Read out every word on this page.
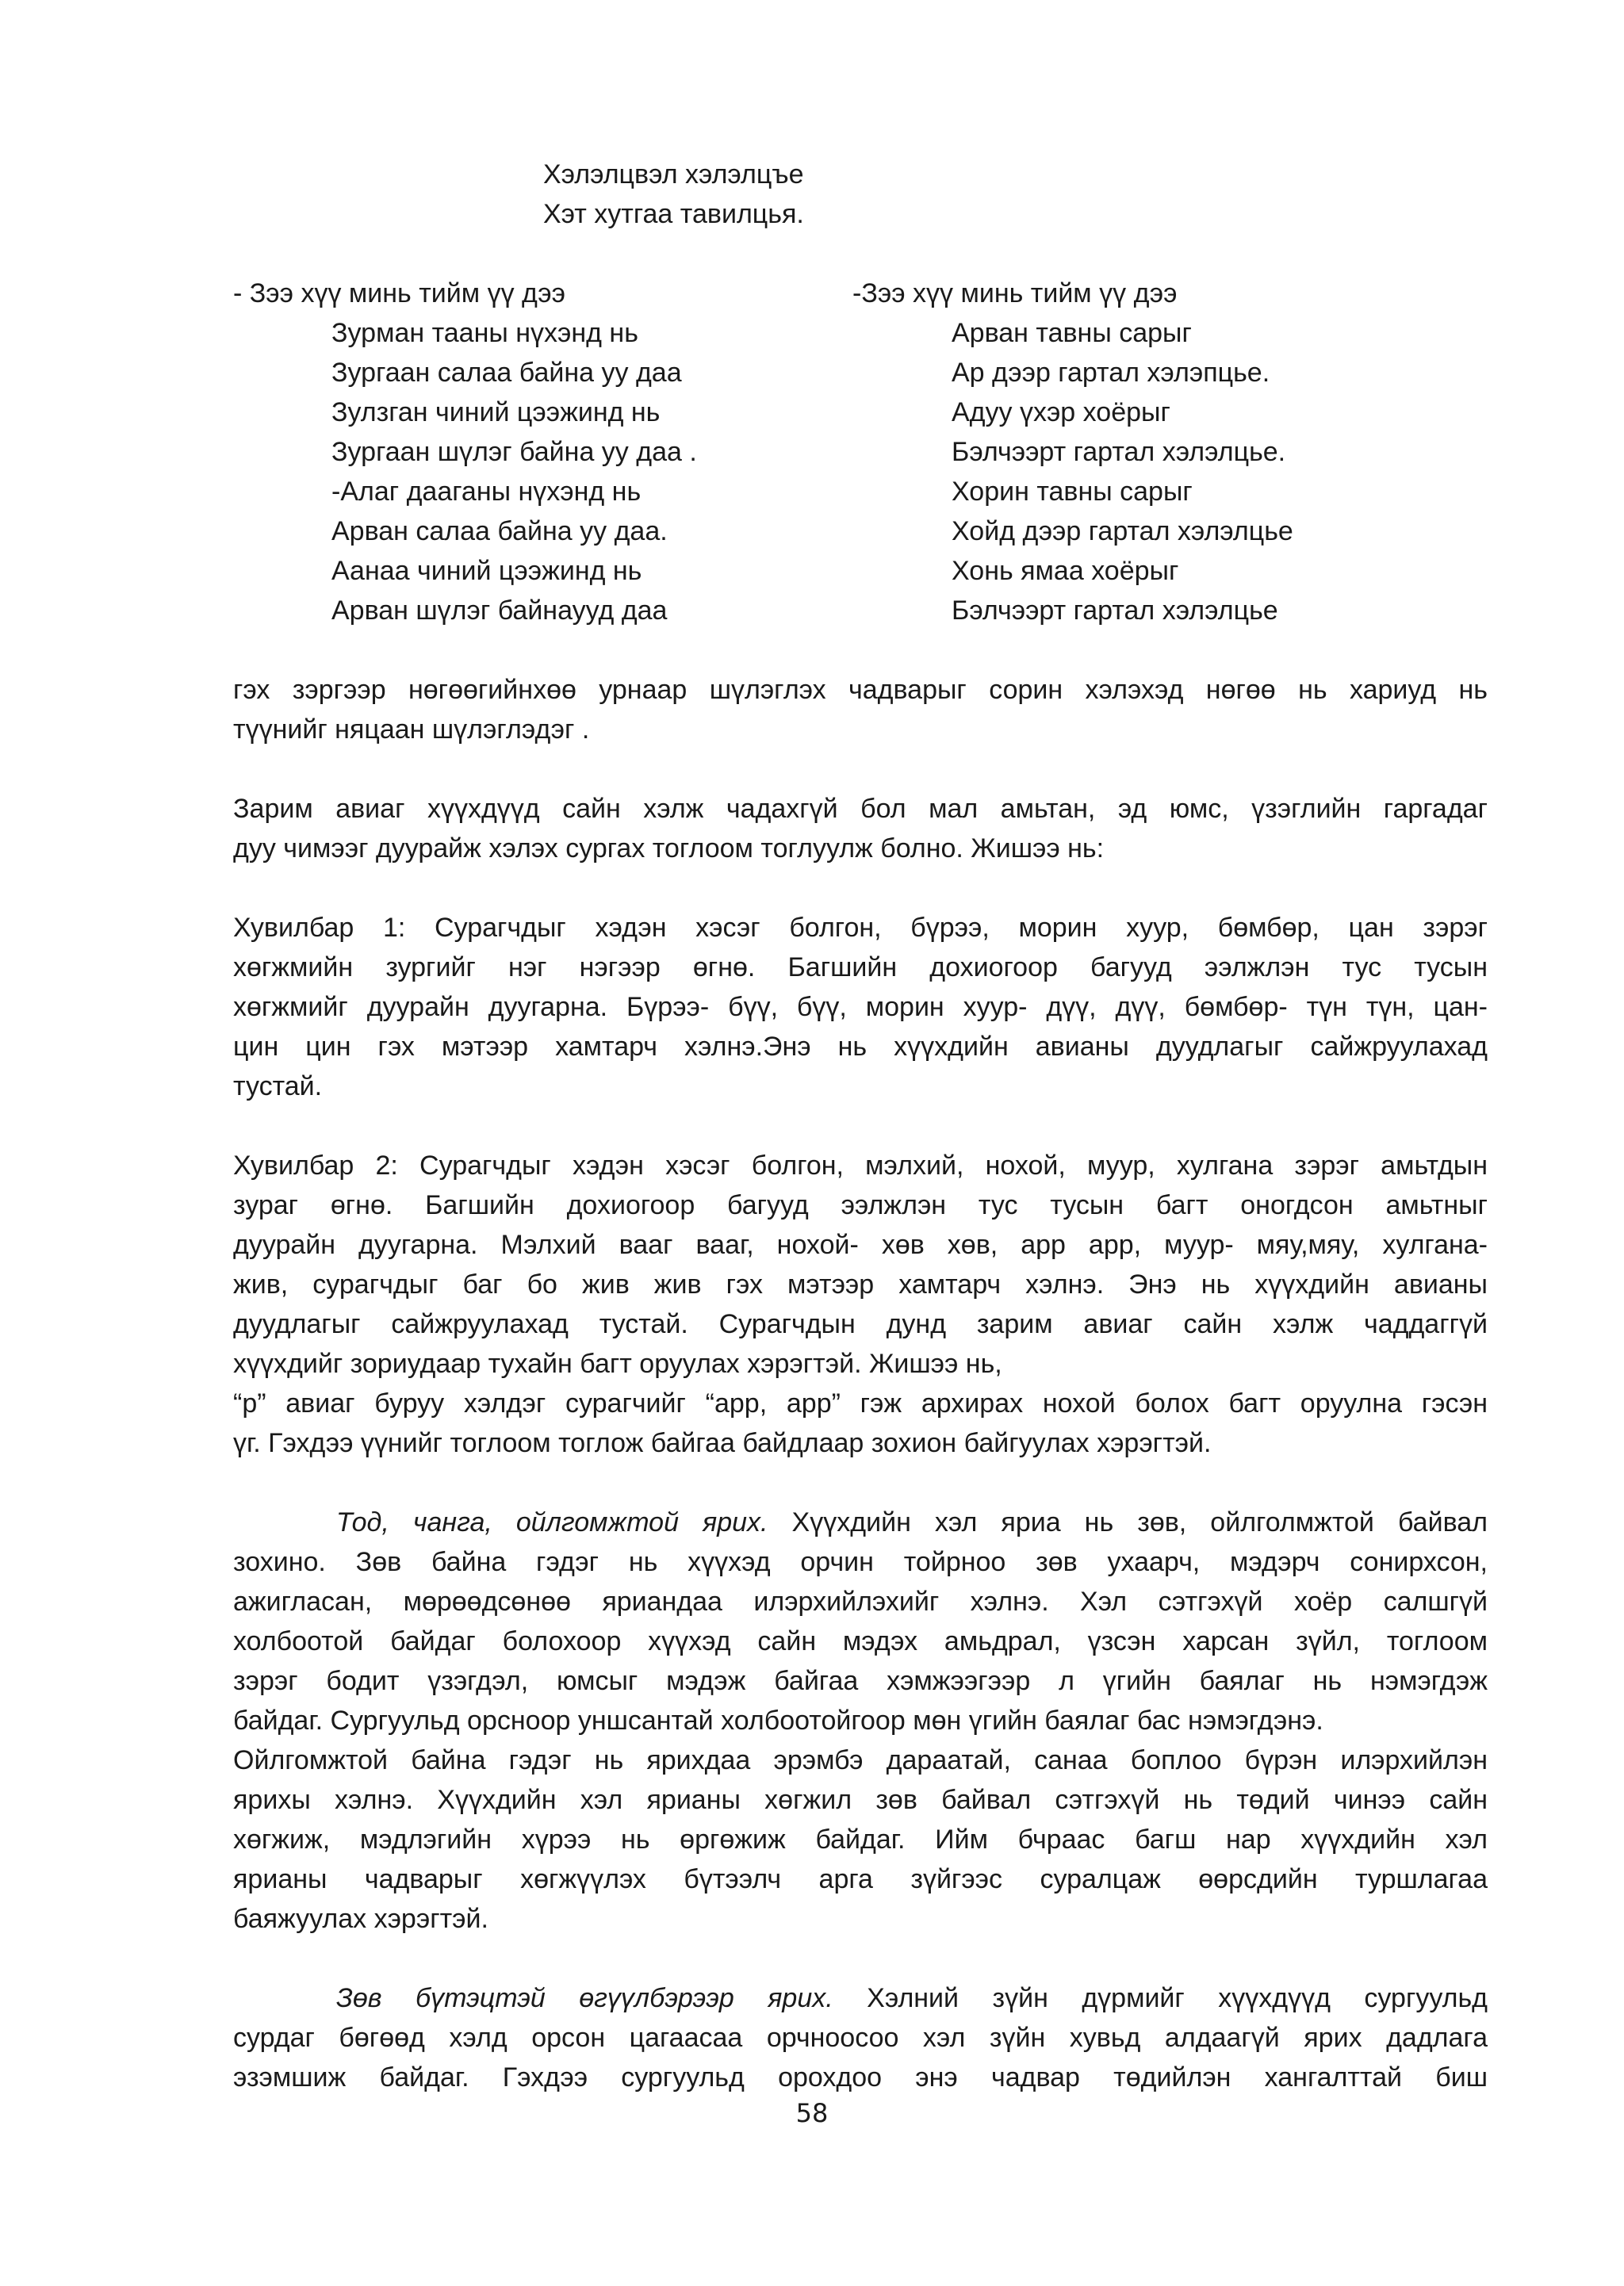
Хэлэлцвэл хэлэлцъе

Хэт хутгаа тавилцья.

- Зээ хүү минь тийм үү дээ

Зурман тааны нүхэнд нь

Зургаан салаа байна уу даа

Зулзган чиний цээжинд нь

Зургаан шүлэг байна уу даа .

-Алаг дааганы нүхэнд нь

Арван салаа байна уу даа.

Аанаа чиний цээжинд нь

Арван шүлэг байнаууд даа

-Зээ хүү минь тийм үү дээ

Арван тавны сарыг

Ар дээр гартал хэлэпцье.

Адуу үхэр хоёрыг

Бэлчээрт гартал хэлэлцье.

Хорин тавны сарыг

Хойд дээр гартал хэлэлцье

Хонь ямаа хоёрыг

Бэлчээрт гартал хэлэлцье

гэх зэргээр нөгөөгийнхөө урнаар шүлэглэх чадварыг сорин хэлэхэд нөгөө нь хариуд нь
түүнийг няцаан шүлэглэдэг .
Зарим авиаг хүүхдүүд сайн хэлж чадахгүй бол мал амьтан, эд юмс, үзэглийн гаргадаг
дуу чимээг дуурайж хэлэх сургах тоглоом тоглуулж болно. Жишээ нь:
Хувилбар 1: Сурагчдыг хэдэн хэсэг болгон, бүрээ, морин хуур, бөмбөр, цан зэрэг
хөгжмийн зургийг нэг нэгээр өгнө. Багшийн дохиогоор багууд ээлжлэн тус тусын
хөгжмийг дуурайн дуугарна. Бүрээ- бүү, бүү, морин хуур- дүү, дүү, бөмбөр- түн түн, цан-
цин цин гэх мэтээр хамтарч хэлнэ.Энэ нь хүүхдийн авианы дуудлагыг сайжруулахад
тустай.
Хувилбар 2: Сурагчдыг хэдэн хэсэг болгон, мэлхий, нохой, муур, хулгана зэрэг амьтдын
зураг өгнө. Багшийн дохиогоор багууд ээлжлэн тус тусын багт оногдсон амьтныг
дуурайн дуугарна. Мэлхий вааг вааг, нохой- хөв хөв, арр арр, муур- мяу,мяу, хулгана-
жив, сурагчдыг баг бо жив жив гэх мэтээр хамтарч хэлнэ. Энэ нь хүүхдийн авианы
дуудлагыг сайжруулахад тустай. Сурагчдын дунд зарим авиаг сайн хэлж чаддаггүй
хүүхдийг зориудаар тухайн багт оруулах хэрэгтэй. Жишээ нь,
“р” авиаг буруу хэлдэг сурагчийг “арр, арр” гэж архирах нохой болох багт оруулна гэсэн
үг. Гэхдээ үүнийг тоглоом тоглож байгаа байдлаар зохион байгуулах хэрэгтэй.
Тод, чанга, ойлгомжтой ярих. Хүүхдийн хэл яриа нь зөв, ойлголмжтой байвал
зохино. Зөв байна гэдэг нь хүүхэд орчин тойрноо зөв ухаарч, мэдэрч сонирхсон,
ажигласан, мөрөөдсөнөө яриандаа илэрхийлэхийг хэлнэ. Хэл сэтгэхүй хоёр салшгүй
холбоотой байдаг болохоор хүүхэд сайн мэдэх амьдрал, үзсэн харсан зүйл, тоглоом
зэрэг бодит үзэгдэл, юмсыг мэдэж байгаа хэмжээгээр л үгийн баялаг нь нэмэгдэж
байдаг. Сургуульд орсноор уншсантай холбоотойгоор мөн үгийн баялаг бас нэмэгдэнэ.
Ойлгомжтой байна гэдэг нь ярихдаа эрэмбэ дараатай, санаа боплоо бүрэн илэрхийлэн
ярихы хэлнэ. Хүүхдийн хэл ярианы хөгжил зөв байвал сэтгэхүй нь төдий чинээ сайн
хөгжиж, мэдлэгийн хүрээ нь өргөжиж байдаг. Ийм бчраас багш нар хүүхдийн хэл
ярианы чадварыг хөгжүүлэх бүтээлч арга зүйгээс суралцаж өөрсдийн туршлагаа
баяжуулах хэрэгтэй.
Зөв бүтэцтэй өгүүлбэрээр ярих. Хэлний зүйн дүрмийг хүүхдүүд сургуульд
сурдаг бөгөөд хэлд орсон цагаасаа орчноосоо хэл зүйн хувьд алдаагүй ярих дадлага
эзэмшиж байдаг. Гэхдээ сургуульд орохдоо энэ чадвар төдийлэн хангалттай биш
58
